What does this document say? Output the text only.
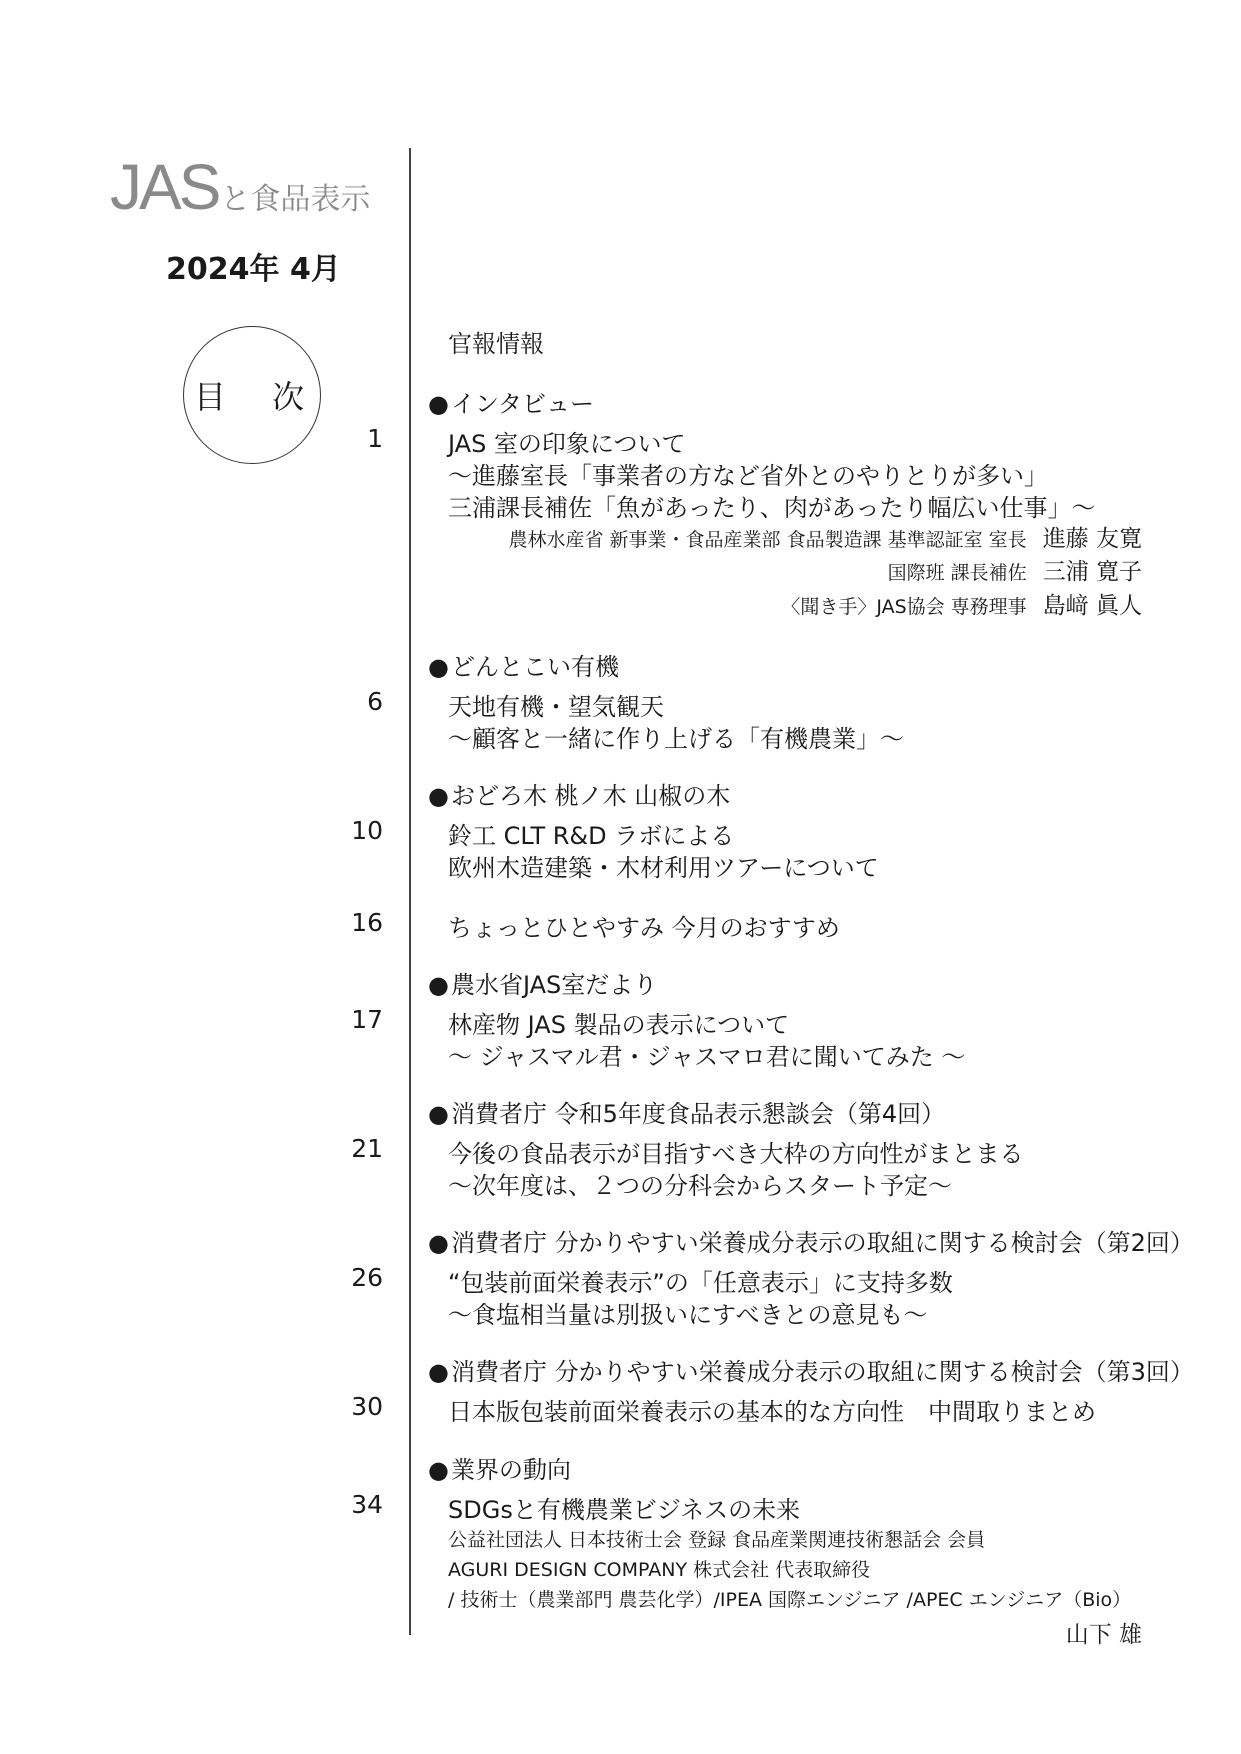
JASと食品表示
2024年 4月
目 次
官報情報
●インタビュー
1	JAS 室の印象について
～進藤室長「事業者の方など省外とのやりとりが多い」
三浦課長補佐「魚があったり、肉があったり幅広い仕事」～
農林水産省 新事業・食品産業部 食品製造課 基準認証室 室長 進藤 友寛
国際班 課長補佐 三浦 寛子
〈聞き手〉JAS協会 専務理事 島﨑 眞人
●どんとこい有機
6	天地有機・望気観天
～顧客と一緒に作り上げる「有機農業」～
●おどろ木 桃ノ木 山椒の木
10	鈴工 CLT R&D ラボによる
欧州木造建築・木材利用ツアーについて
16	ちょっとひとやすみ 今月のおすすめ
●農水省JAS室だより
17	林産物 JAS 製品の表示について
～ ジャスマル君・ジャスマロ君に聞いてみた ～
●消費者庁 令和5年度食品表示懇談会（第4回）
21	今後の食品表示が目指すべき大枠の方向性がまとまる
～次年度は、２つの分科会からスタート予定～
●消費者庁 分かりやすい栄養成分表示の取組に関する検討会（第2回）
26	“包装前面栄養表示”の「任意表示」に支持多数
～食塩相当量は別扱いにすべきとの意見も～
●消費者庁 分かりやすい栄養成分表示の取組に関する検討会（第3回）
30	日本版包装前面栄養表示の基本的な方向性　中間取りまとめ
●業界の動向
34	SDGsと有機農業ビジネスの未来
公益社団法人 日本技術士会 登録 食品産業関連技術懇話会 会員
AGURI DESIGN COMPANY 株式会社 代表取締役
/ 技術士（農業部門 農芸化学）/IPEA 国際エンジニア /APEC エンジニア（Bio）
山下 雄
